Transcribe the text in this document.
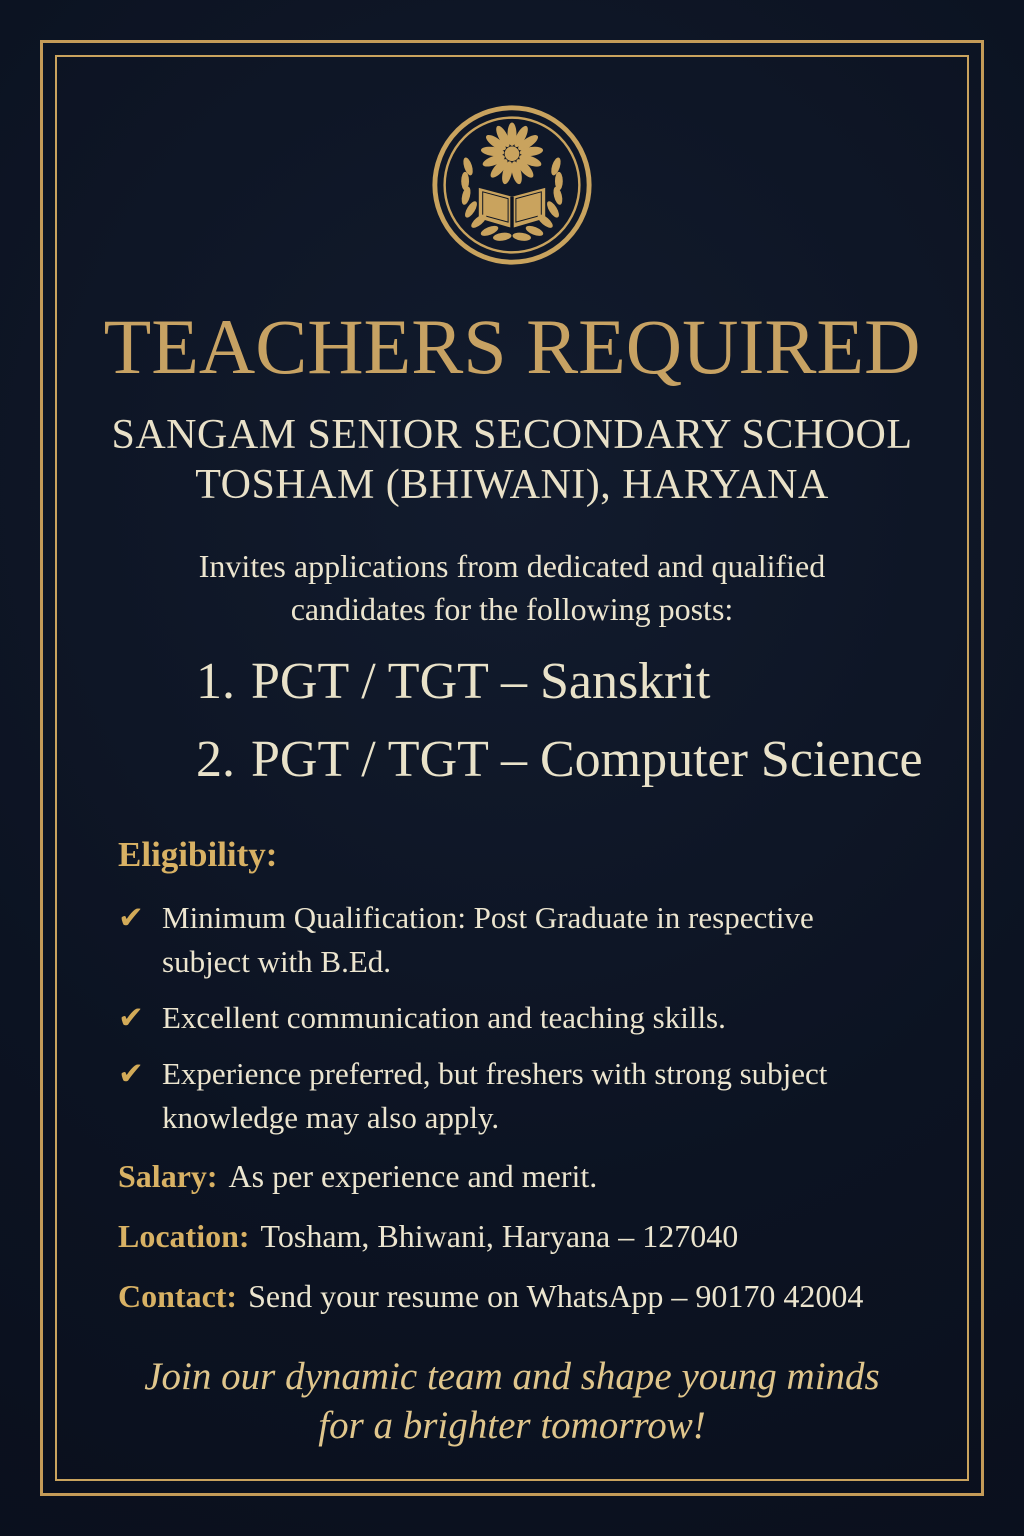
TEACHERS REQUIRED
SANGAM SENIOR SECONDARY SCHOOL
TOSHAM (BHIWANI), HARYANA
Invites applications from dedicated and qualified
candidates for the following posts:
1. PGT / TGT – Sanskrit
2. PGT / TGT – Computer Science
Eligibility:
✔ Minimum Qualification: Post Graduate in respective subject with B.Ed.
✔ Excellent communication and teaching skills.
✔ Experience preferred, but freshers with strong subject knowledge may also apply.
Salary: As per experience and merit.
Location: Tosham, Bhiwani, Haryana – 127040
Contact: Send your resume on WhatsApp – 90170 42004
Join our dynamic team and shape young minds
for a brighter tomorrow!
